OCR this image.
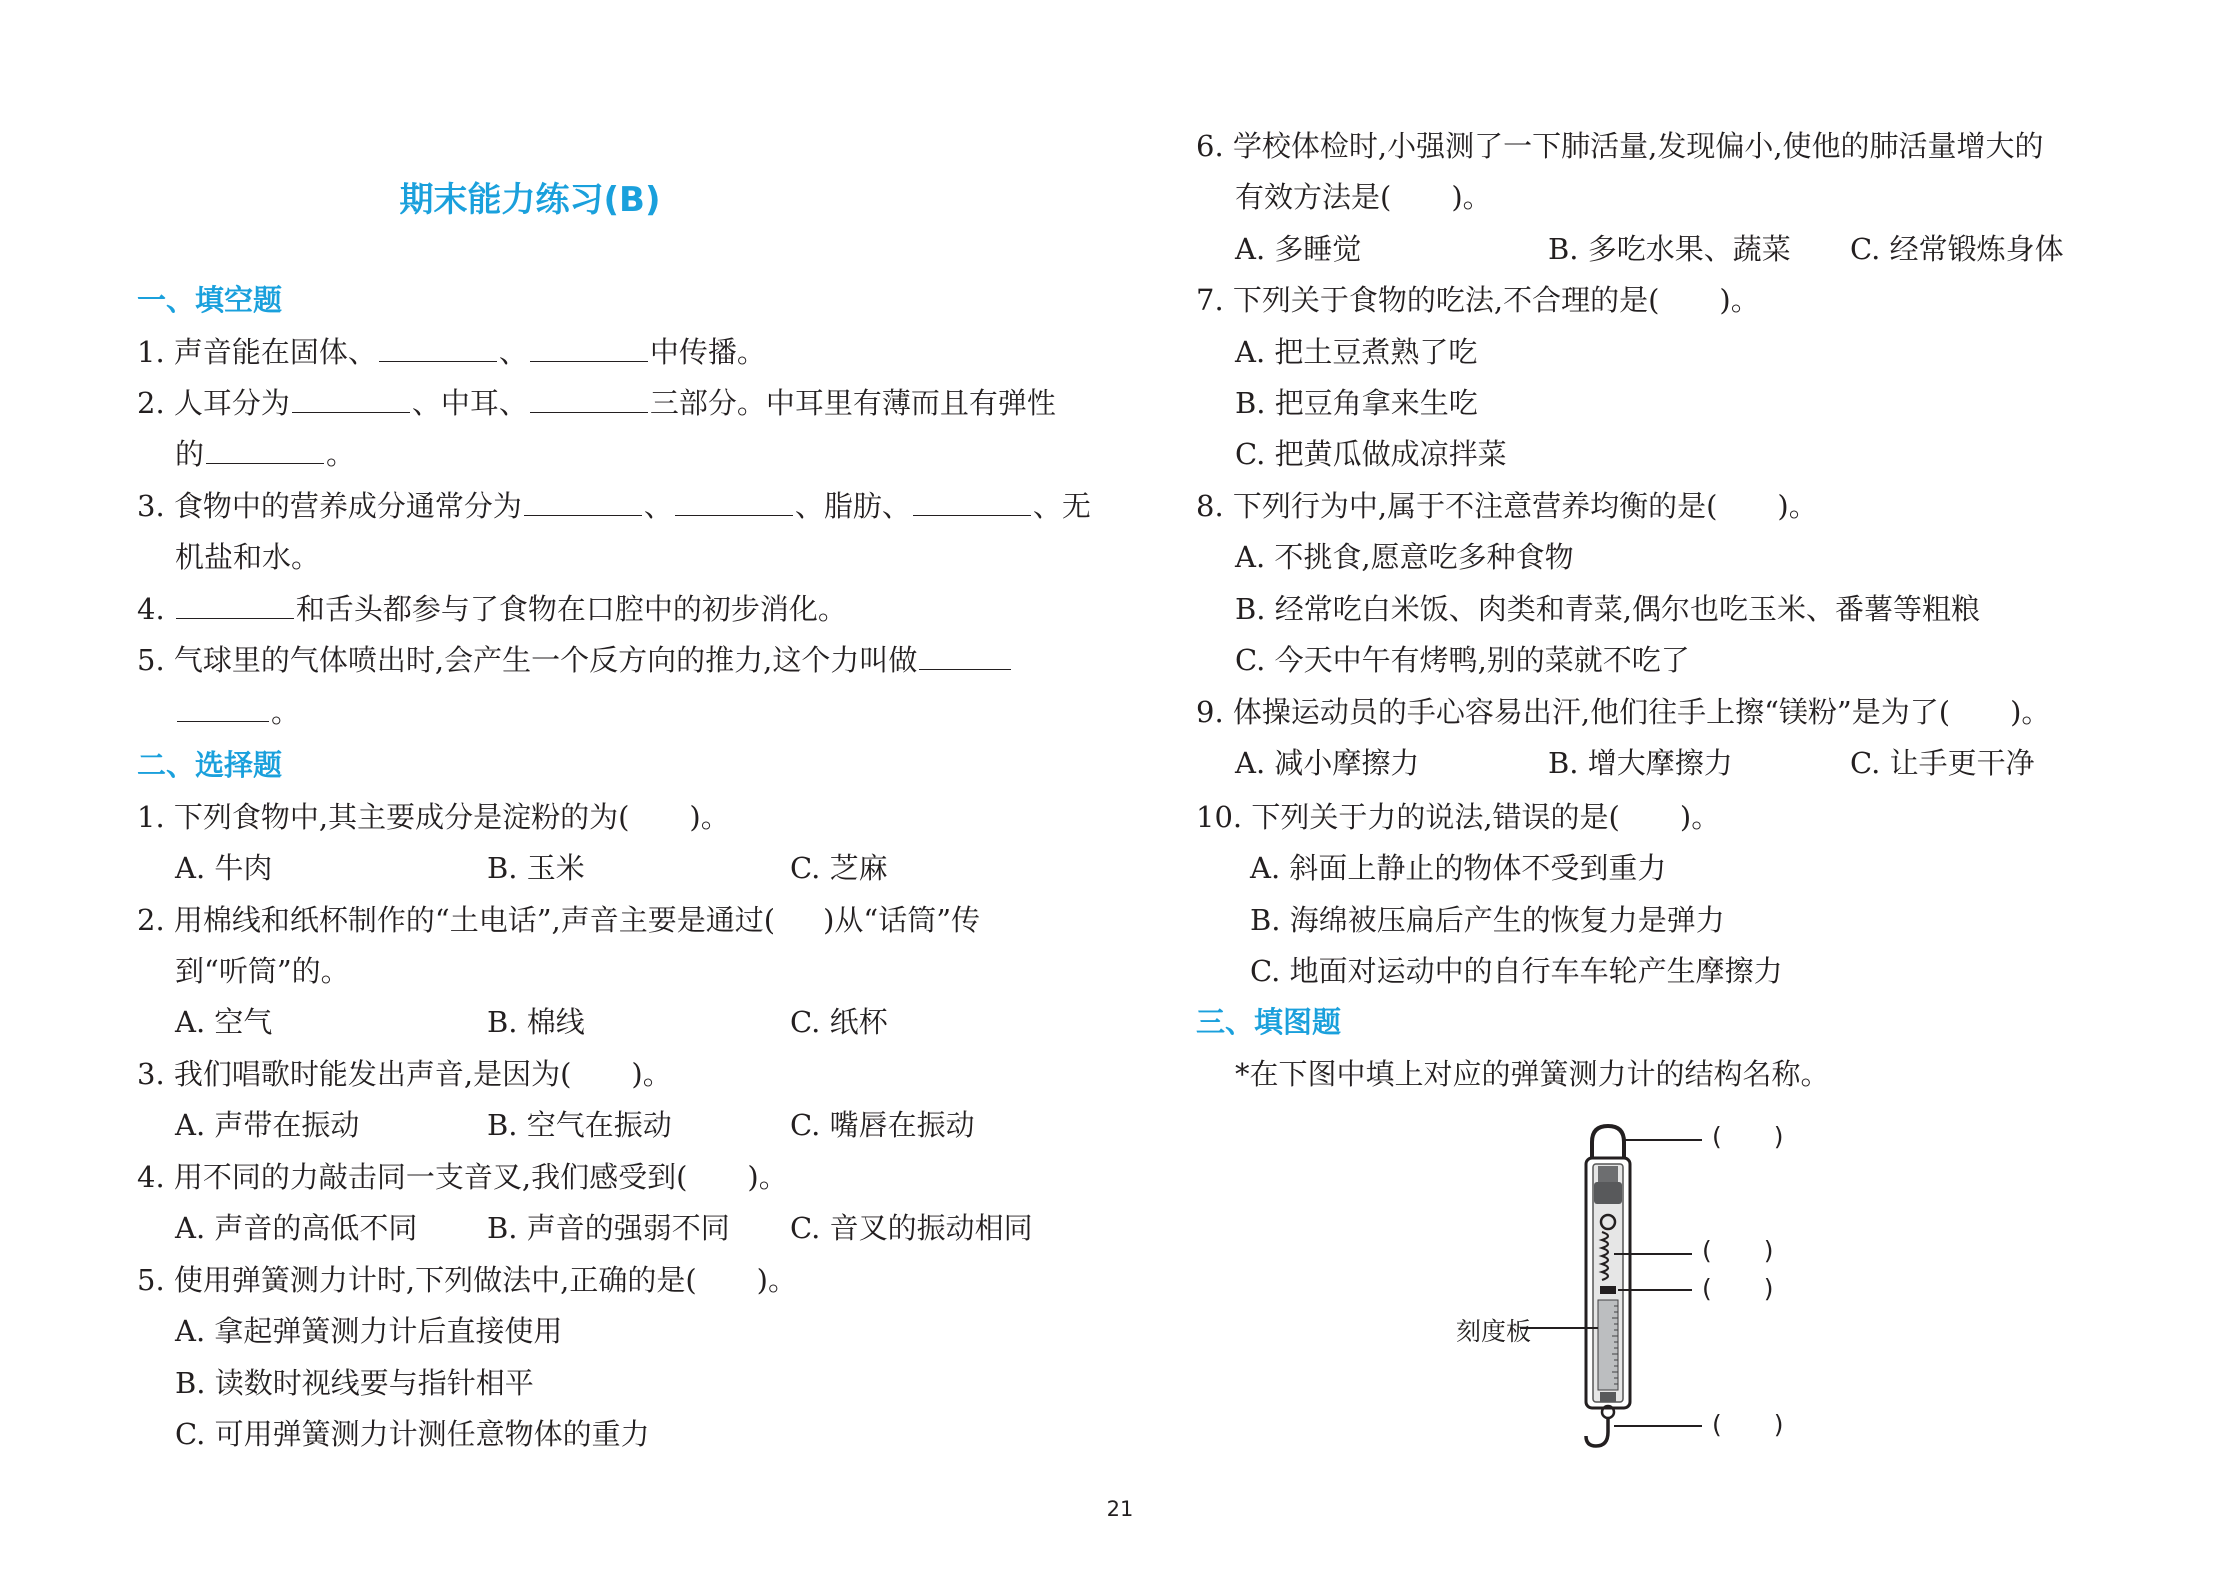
期末能力练习(B)
一、填空题
1. 声音能在固体、	、	中传播。
2. 人耳分为	、中耳、	三部分。中耳里有薄而且有弹性
的	。
3. 食物中的营养成分通常分为	、	、脂肪、	、无
机盐和水。
4.	和舌头都参与了食物在口腔中的初步消化。
5. 气球里的气体喷出时,会产生一个反方向的推力,这个力叫做
。
二、选择题
1. 下列食物中,其主要成分是淀粉的为( )。
A. 牛肉	B. 玉米	C. 芝麻
2. 用棉线和纸杯制作的“土电话”,声音主要是通过( )从“话筒”传
到“听筒”的。
A. 空气	B. 棉线	C. 纸杯
3. 我们唱歌时能发出声音,是因为( )。
A. 声带在振动	B. 空气在振动	C. 嘴唇在振动
4. 用不同的力敲击同一支音叉,我们感受到( )。
A. 声音的高低不同 B. 声音的强弱不同 C. 音叉的振动相同
5. 使用弹簧测力计时,下列做法中,正确的是( )。
A. 拿起弹簧测力计后直接使用
B. 读数时视线要与指针相平
C. 可用弹簧测力计测任意物体的重力
6. 学校体检时,小强测了一下肺活量,发现偏小,使他的肺活量增大的
有效方法是( )。
A. 多睡觉	B. 多吃水果、蔬菜 C. 经常锻炼身体
7. 下列关于食物的吃法,不合理的是( )。
A. 把土豆煮熟了吃
B. 把豆角拿来生吃
C. 把黄瓜做成凉拌菜
8. 下列行为中,属于不注意营养均衡的是( )。
A. 不挑食,愿意吃多种食物
B. 经常吃白米饭、肉类和青菜,偶尔也吃玉米、番薯等粗粮
C. 今天中午有烤鸭,别的菜就不吃了
9. 体操运动员的手心容易出汗,他们往手上擦“镁粉”是为了( )。
A. 减小摩擦力	B. 增大摩擦力	C. 让手更干净
10. 下列关于力的说法,错误的是( )。
A. 斜面上静止的物体不受到重力
B. 海绵被压扁后产生的恢复力是弹力
C. 地面对运动中的自行车车轮产生摩擦力
三、填图题
*在下图中填上对应的弹簧测力计的结构名称。
( )
( )
( )
刻度板
( )
21
